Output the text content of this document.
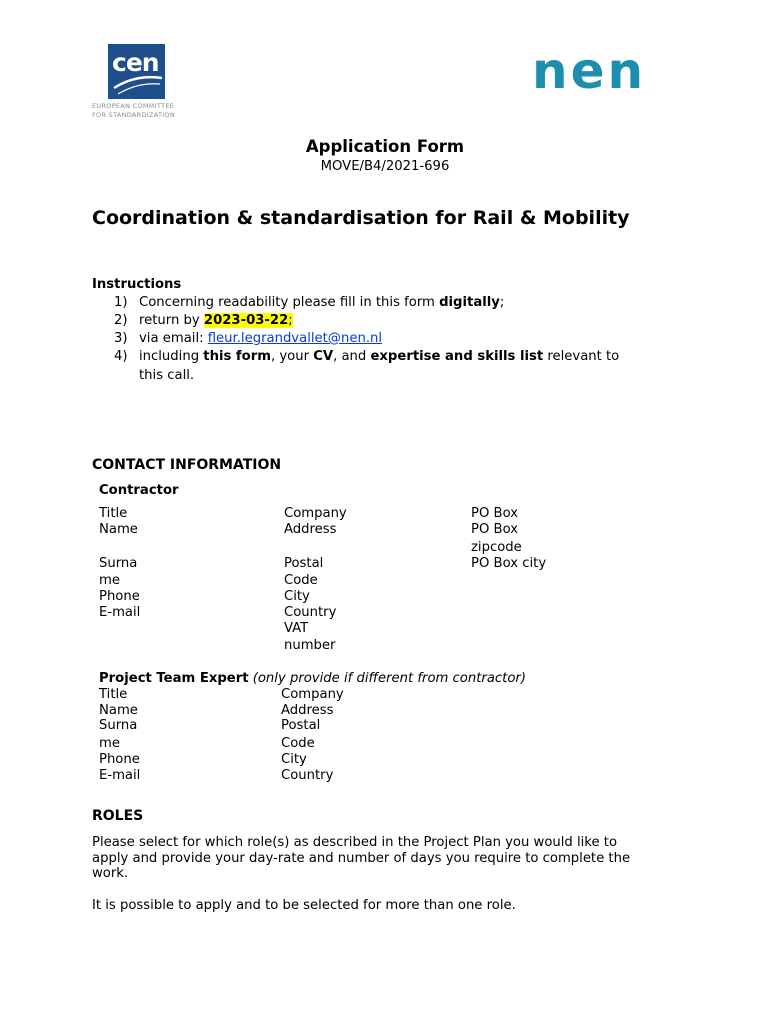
cen
EUROPEAN COMMITTEE
FOR STANDARDIZATION
nen
Application Form
MOVE/B4/2021-696
Coordination & standardisation for Rail & Mobility
Instructions
1) Concerning readability please fill in this form digitally;
2) return by 2023-03-22;
3) via email: fleur.legrandvallet@nen.nl
4) including this form, your CV, and expertise and skills list relevant to
this call.
CONTACT INFORMATION
Contractor
Title
Name
Surna
me
Phone
E-mail
Company
Address
Postal
Code
City
Country
VAT
number
PO Box
PO Box
zipcode
PO Box city
Project Team Expert (only provide if different from contractor)
Title
Name
Surna
me
Phone
E-mail
Company
Address
Postal
Code
City
Country
ROLES
Please select for which role(s) as described in the Project Plan you would like to
apply and provide your day-rate and number of days you require to complete the
work.
It is possible to apply and to be selected for more than one role.
